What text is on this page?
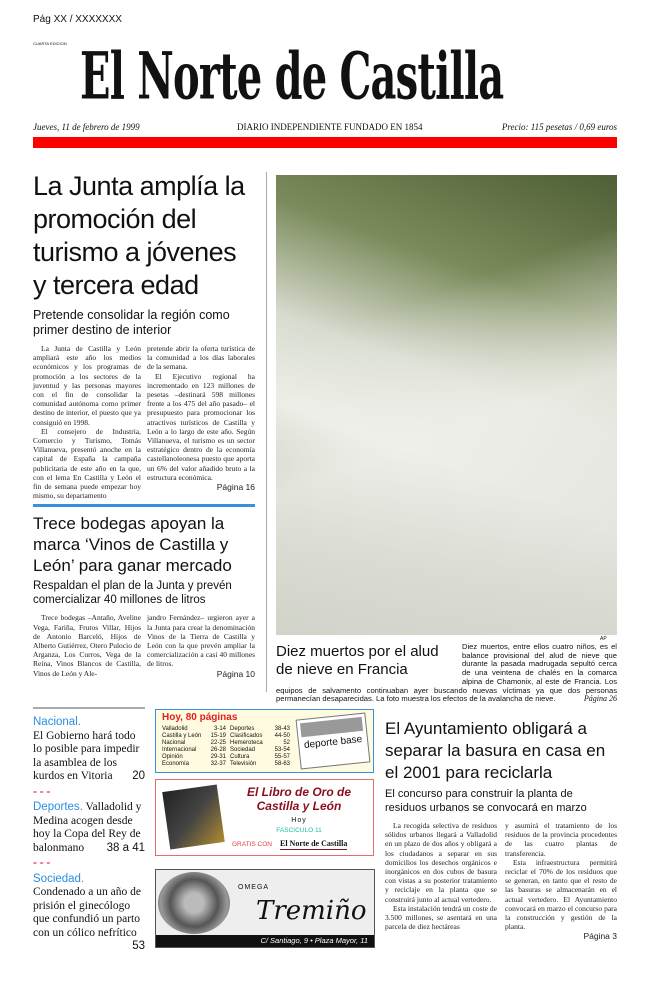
Pág XX / XXXXXXX
CUARTA EDICION El Norte de Castilla
Jueves, 11 de febrero de 1999	DIARIO INDEPENDIENTE FUNDADO EN 1854	Precio: 115 pesetas / 0,69 euros
La Junta amplía la promoción del turismo a jóvenes y tercera edad
Pretende consolidar la región como primer destino de interior

La Junta de Castilla y León ampliará este año los medios económicos y los programas de promoción a los sectores de la juventud y las personas mayores con el fin de consolidar la comunidad autónoma como primer destino de interior, el puesto que ya consiguió en 1998.

El consejero de Industria, Comercio y Turismo, Tomás Villanueva, presentó anoche en la capital de España la campaña publicitaria de este año en la que, con el lema En Castilla y León el fin de semana puede empezar hoy mismo, su departamento

pretende abrir la oferta turística de la comunidad a los días laborales de la semana.

El Ejecutivo regional ha incrementado en 123 millones de pesetas –destinará 598 millones frente a los 475 del año pasado– el presupuesto para promocionar los atractivos turísticos de Castilla y León a lo largo de este año. Según Villanueva, el turismo es un sector estratégico dentro de la economía castellanoleonesa puesto que aporta un 6% del valor añadido bruto a la estructura económica.

Página 16
Trece bodegas apoyan la marca ‘Vinos de Castilla y León’ para ganar mercado
Respaldan el plan de la Junta y prevén comercializar 40 millones de litros

Trece bodegas –Antaño, Aveline Vega, Fariña, Frutos Villar, Hijos de Antonio Barceló, Hijos de Alberto Gutiérrez, Otero Pulocio de Arganza, Los Curros, Vega de la Reina, Vinos Blancos de Castilla, Vinos de León y Ale-

jandro Fernández– urgieron ayer a la Junta para crear la denominación Vinos de la Tierra de Castilla y León con la que prevén ampliar la comercialización a casi 40 millones de litros.

Página 10
AP
Diez muertos por el alud de nieve en Francia
Diez muertos, entre ellos cuatro niños, es el balance provisional del alud de nieve que durante la pasada madrugada sepultó cerca de una veintena de chalés en la comarca alpina de Chamonix, al este de Francia. Los equipos de salvamento continuaban ayer buscando nuevas víctimas ya que dos personas permanecían desaparecidas. La foto muestra los efectos de la avalancha de nieve.	Página 26
Nacional.
El Gobierno hará todo lo posible para impedir la asamblea de los kurdos en Vitoria 20
- - -
Deportes. Valladolid y Medina acogen desde hoy la Copa del Rey de balonmano 38 a 41
- - -
Sociedad.
Condenado a un año de prisión el ginecólogo que confundió un parto con un cólico nefrítico
53
Hoy, 80 páginas
Valladolid	3-14 Deportes	38-43
Castilla y León 15-19 Clasificados 44-50
Nacional	22-25 Hemeroteca	52
Internacional 26-28 Sociedad	53-54
Opinión	29-31 Cultura	55-57
Economía	32-37 Televisión	58-63
deporte base
El Libro de Oro de Castilla y León
Hoy
FASCICULO 11
GRATIS CON El Norte de Castilla
OMEGA
Tremiño
C/ Santiago, 9 • Plaza Mayor, 11
El Ayuntamiento obligará a separar la basura en casa en el 2001 para reciclarla
El concurso para construir la planta de residuos urbanos se convocará en marzo

La recogida selectiva de residuos sólidos urbanos llegará a Valladolid en un plazo de dos años y obligará a los ciudadanos a separar en sus domicilios los desechos orgánicos e inorgánicos en dos cubos de basura con vistas a su posterior tratamiento y reciclaje en la planta que se construirá junto al actual vertedero.

Esta instalación tendrá un coste de 3.500 millones, se asentará en una parcela de diez hectáreas

y asumirá el tratamiento de los residuos de la provincia procedentes de las cuatro plantas de transferencia.

Esta infraestructura permitirá reciclar el 70% de los residuos que se generan, en tanto que el resto de las basuras se almacenarán en el actual vertedero. El Ayuntamiento convocará en marzo el concurso para la construcción y gestión de la planta.

Página 3
